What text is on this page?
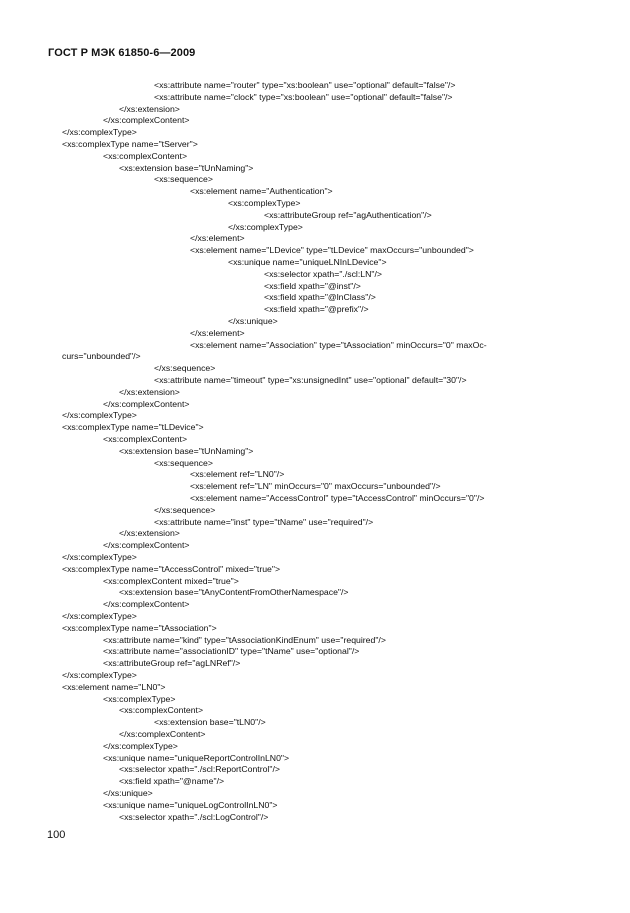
ГОСТ Р МЭК 61850-6—2009
<xs:attribute name="router" type="xs:boolean" use="optional" default="false"/>
<xs:attribute name="clock" type="xs:boolean" use="optional" default="false"/>
</xs:extension>
</xs:complexContent>
</xs:complexType>
<xs:complexType name="tServer">
<xs:complexContent>
<xs:extension base="tUnNaming">
<xs:sequence>
<xs:element name="Authentication">
<xs:complexType>
<xs:attributeGroup ref="agAuthentication"/>
</xs:complexType>
</xs:element>
<xs:element name="LDevice" type="tLDevice" maxOccurs="unbounded">
<xs:unique name="uniqueLNInLDevice">
<xs:selector xpath="./scl:LN"/>
<xs:field xpath="@inst"/>
<xs:field xpath="@lnClass"/>
<xs:field xpath="@prefix"/>
</xs:unique>
</xs:element>
<xs:element name="Association" type="tAssociation" minOccurs="0" maxOc-
curs="unbounded"/>
</xs:sequence>
<xs:attribute name="timeout" type="xs:unsignedInt" use="optional" default="30"/>
</xs:extension>
</xs:complexContent>
</xs:complexType>
<xs:complexType name="tLDevice">
<xs:complexContent>
<xs:extension base="tUnNaming">
<xs:sequence>
<xs:element ref="LN0"/>
<xs:element ref="LN" minOccurs="0" maxOccurs="unbounded"/>
<xs:element name="AccessControl" type="tAccessControl" minOccurs="0"/>
</xs:sequence>
<xs:attribute name="inst" type="tName" use="required"/>
</xs:extension>
</xs:complexContent>
</xs:complexType>
<xs:complexType name="tAccessControl" mixed="true">
<xs:complexContent mixed="true">
<xs:extension base="tAnyContentFromOtherNamespace"/>
</xs:complexContent>
</xs:complexType>
<xs:complexType name="tAssociation">
<xs:attribute name="kind" type="tAssociationKindEnum" use="required"/>
<xs:attribute name="associationID" type="tName" use="optional"/>
<xs:attributeGroup ref="agLNRef"/>
</xs:complexType>
<xs:element name="LN0">
<xs:complexType>
<xs:complexContent>
<xs:extension base="tLN0"/>
</xs:complexContent>
</xs:complexType>
<xs:unique name="uniqueReportControlInLN0">
<xs:selector xpath="./scl:ReportControl"/>
<xs:field xpath="@name"/>
</xs:unique>
<xs:unique name="uniqueLogControlInLN0">
<xs:selector xpath="./scl:LogControl"/>
100
